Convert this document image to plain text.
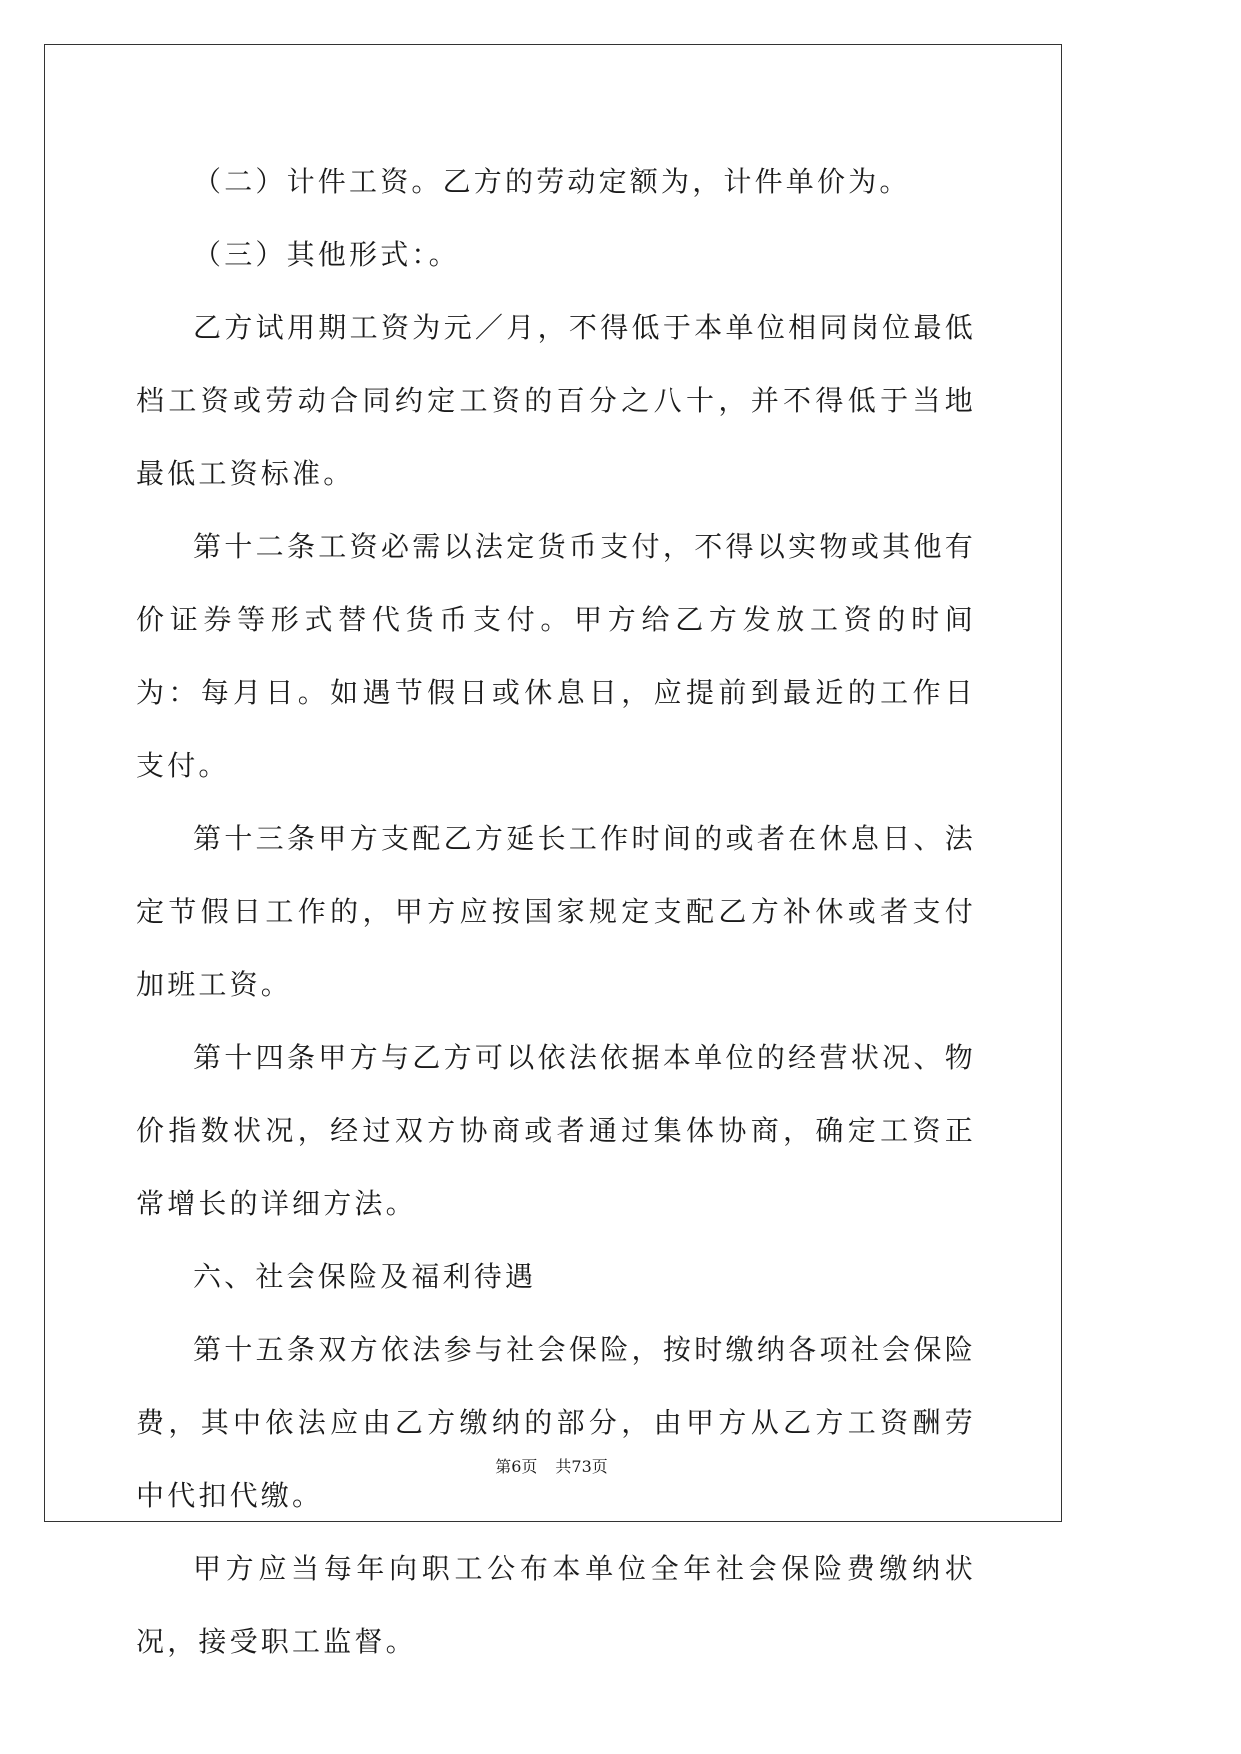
（二）计件工资。乙方的劳动定额为，计件单价为。

（三）其他形式：。

乙方试用期工资为元／月，不得低于本单位相同岗位最低档工资或劳动合同约定工资的百分之八十，并不得低于当地最低工资标准。

第十二条工资必需以法定货币支付，不得以实物或其他有价证券等形式替代货币支付。甲方给乙方发放工资的时间为：每月日。如遇节假日或休息日，应提前到最近的工作日支付。

第十三条甲方支配乙方延长工作时间的或者在休息日、法定节假日工作的，甲方应按国家规定支配乙方补休或者支付加班工资。

第十四条甲方与乙方可以依法依据本单位的经营状况、物价指数状况，经过双方协商或者通过集体协商，确定工资正常增长的详细方法。

六、社会保险及福利待遇

第十五条双方依法参与社会保险，按时缴纳各项社会保险费，其中依法应由乙方缴纳的部分，由甲方从乙方工资酬劳中代扣代缴。

甲方应当每年向职工公布本单位全年社会保险费缴纳状况，接受职工监督。

第6页 共73页
